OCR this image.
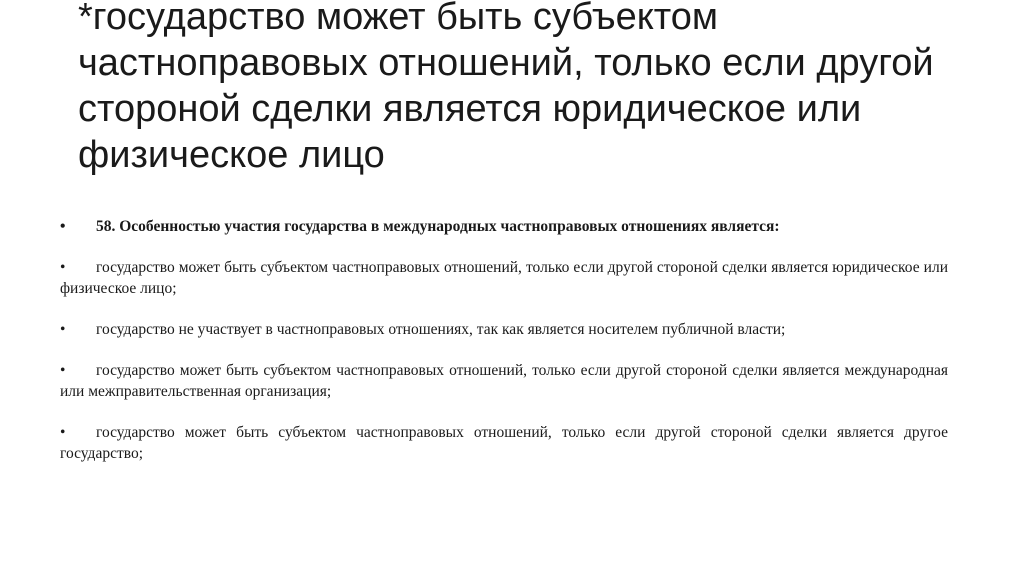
*государство может быть субъектом частноправовых отношений, только если другой стороной сделки является юридическое или физическое лицо

• 58. Особенностью участия государства в международных частноправовых отношениях является:

• государство может быть субъектом частноправовых отношений, только если другой стороной сделки является юридическое или физическое лицо;

• государство не участвует в частноправовых отношениях, так как является носителем публичной власти;

• государство может быть субъектом частноправовых отношений, только если другой стороной сделки является международная или межправительственная организация;

• государство может быть субъектом частноправовых отношений, только если другой стороной сделки является другое государство;
